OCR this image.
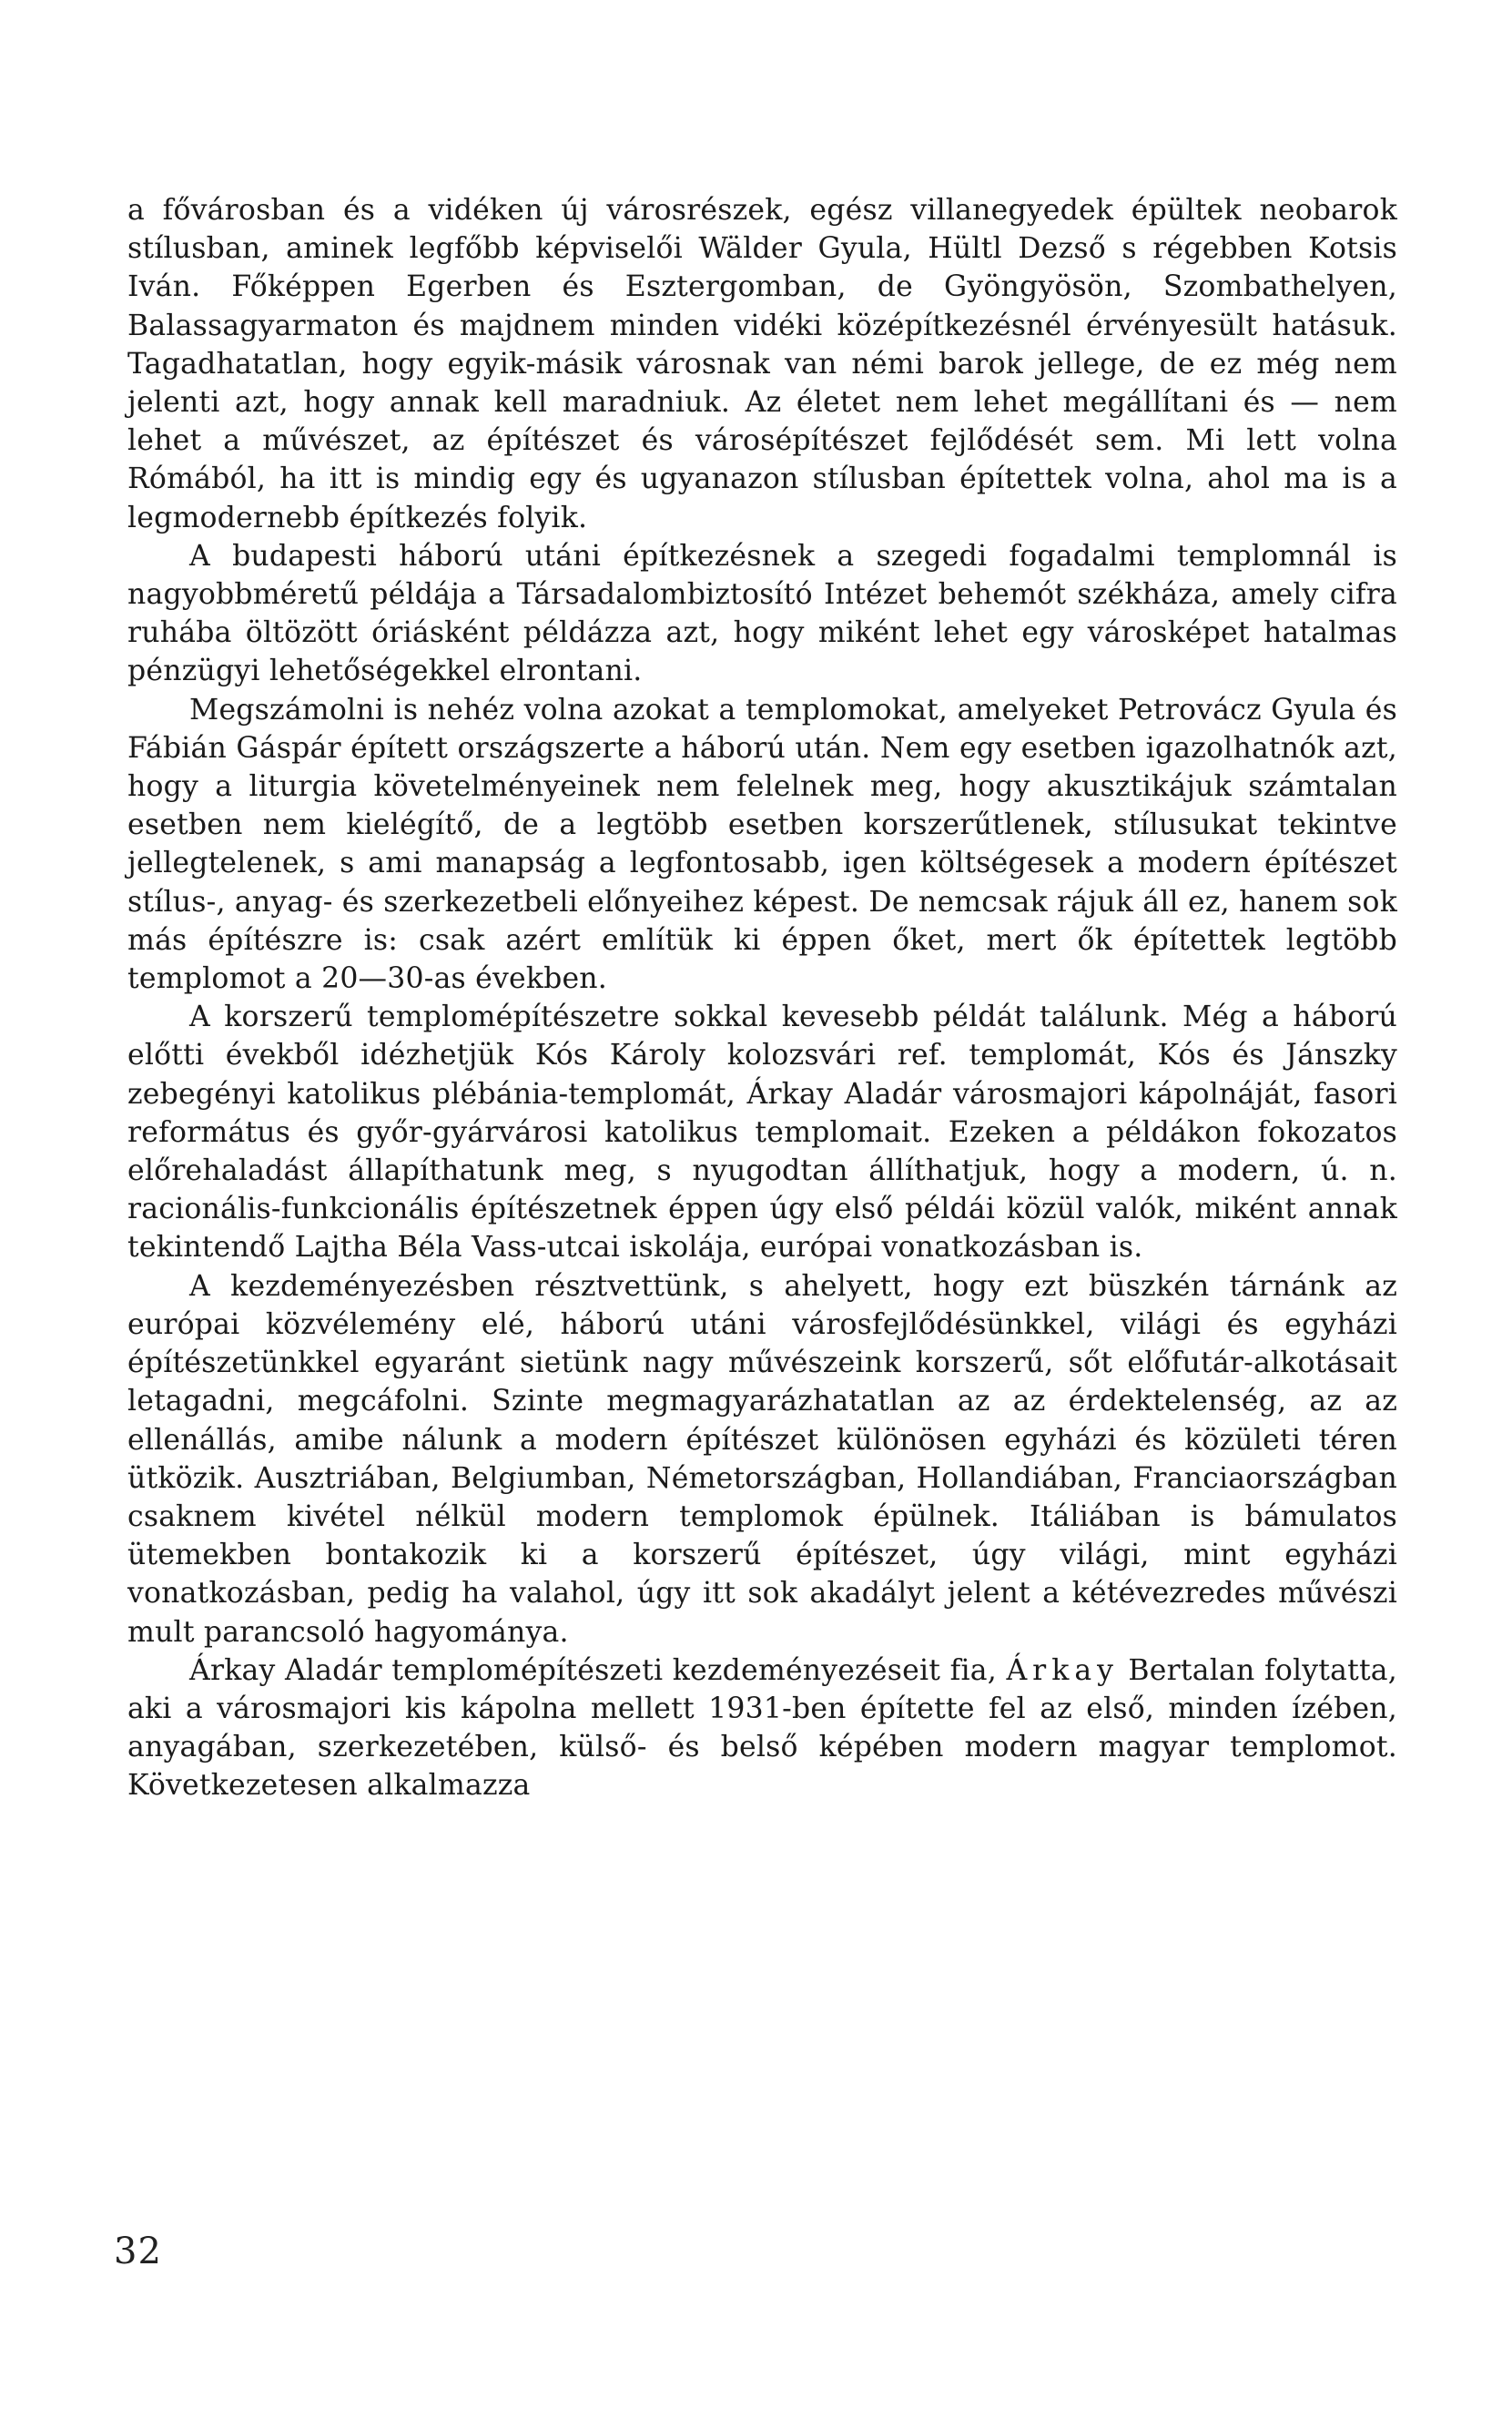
a fővárosban és a vidéken új városrészek, egész villanegyedek épültek neobarok stílusban, aminek legfőbb képviselői Wälder Gyula, Hültl Dezső s régebben Kotsis Iván. Főképpen Egerben és Esztergomban, de Gyöngyösön, Szombathelyen, Balassagyarmaton és majdnem minden vidéki középítkezésnél érvényesült hatásuk. Tagadhatatlan, hogy egyik-másik városnak van némi barok jellege, de ez még nem jelenti azt, hogy annak kell maradniuk. Az életet nem lehet megállítani és — nem lehet a művészet, az építészet és városépítészet fejlődését sem. Mi lett volna Rómából, ha itt is mindig egy és ugyanazon stílusban építettek volna, ahol ma is a legmodernebb építkezés folyik.

A budapesti háború utáni építkezésnek a szegedi fogadalmi templomnál is nagyobbméretű példája a Társadalombiztosító Intézet behemót székháza, amely cifra ruhába öltözött óriásként példázza azt, hogy miként lehet egy városképet hatalmas pénzügyi lehetőségekkel elrontani.

Megszámolni is nehéz volna azokat a templomokat, amelyeket Petrovácz Gyula és Fábián Gáspár épített országszerte a háború után. Nem egy esetben igazolhatnók azt, hogy a liturgia követelményeinek nem felelnek meg, hogy akusztikájuk számtalan esetben nem kielégítő, de a legtöbb esetben korszerűtlenek, stílusukat tekintve jellegtelenek, s ami manapság a legfontosabb, igen költségesek a modern építészet stílus-, anyag- és szerkezetbeli előnyeihez képest. De nemcsak rájuk áll ez, hanem sok más építészre is: csak azért említük ki éppen őket, mert ők építettek legtöbb templomot a 20—30-as években.

A korszerű templomépítészetre sokkal kevesebb példát találunk. Még a háború előtti évekből idézhetjük Kós Károly kolozsvári ref. templomát, Kós és Jánszky zebegényi katolikus plébánia-templomát, Árkay Aladár városmajori kápolnáját, fasori református és győr-gyárvárosi katolikus templomait. Ezeken a példákon fokozatos előrehaladást állapíthatunk meg, s nyugodtan állíthatjuk, hogy a modern, ú. n. racionális-funkcionális építészetnek éppen úgy első példái közül valók, miként annak tekintendő Lajtha Béla Vass-utcai iskolája, európai vonatkozásban is.

A kezdeményezésben résztvettünk, s ahelyett, hogy ezt büszkén tárnánk az európai közvélemény elé, háború utáni városfejlődésünkkel, világi és egyházi építészetünkkel egyaránt sietünk nagy művészeink korszerű, sőt előfutár-alkotásait letagadni, megcáfolni. Szinte megmagyarázhatatlan az az érdektelenség, az az ellenállás, amibe nálunk a modern építészet különösen egyházi és közületi téren ütközik. Ausztriában, Belgiumban, Németországban, Hollandiában, Franciaországban csaknem kivétel nélkül modern templomok épülnek. Itáliában is bámulatos ütemekben bontakozik ki a korszerű építészet, úgy világi, mint egyházi vonatkozásban, pedig ha valahol, úgy itt sok akadályt jelent a kétévezredes művészi mult parancsoló hagyománya.

Árkay Aladár templomépítészeti kezdeményezéseit fia, Árkay Bertalan folytatta, aki a városmajori kis kápolna mellett 1931-ben építette fel az első, minden ízében, anyagában, szerkezetében, külső- és belső képében modern magyar templomot. Következetesen alkalmazza

32
